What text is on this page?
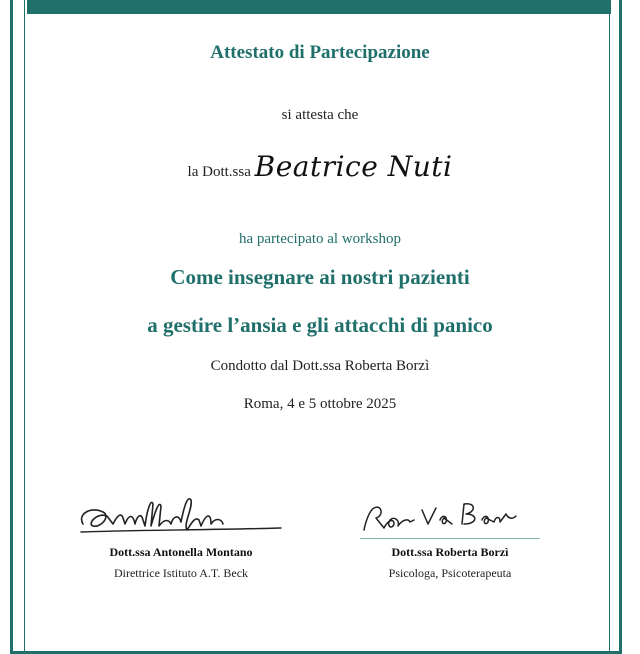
Attestato di Partecipazione
si attesta che
la Dott.ssa Beatrice Nuti
ha partecipato al workshop
Come insegnare ai nostri pazienti
a gestire l’ansia e gli attacchi di panico
Condotto dal Dott.ssa Roberta Borzì
Roma, 4 e 5 ottobre 2025
Dott.ssa Antonella Montano
Direttrice Istituto A.T. Beck
Dott.ssa Roberta Borzì
Psicologa, Psicoterapeuta
